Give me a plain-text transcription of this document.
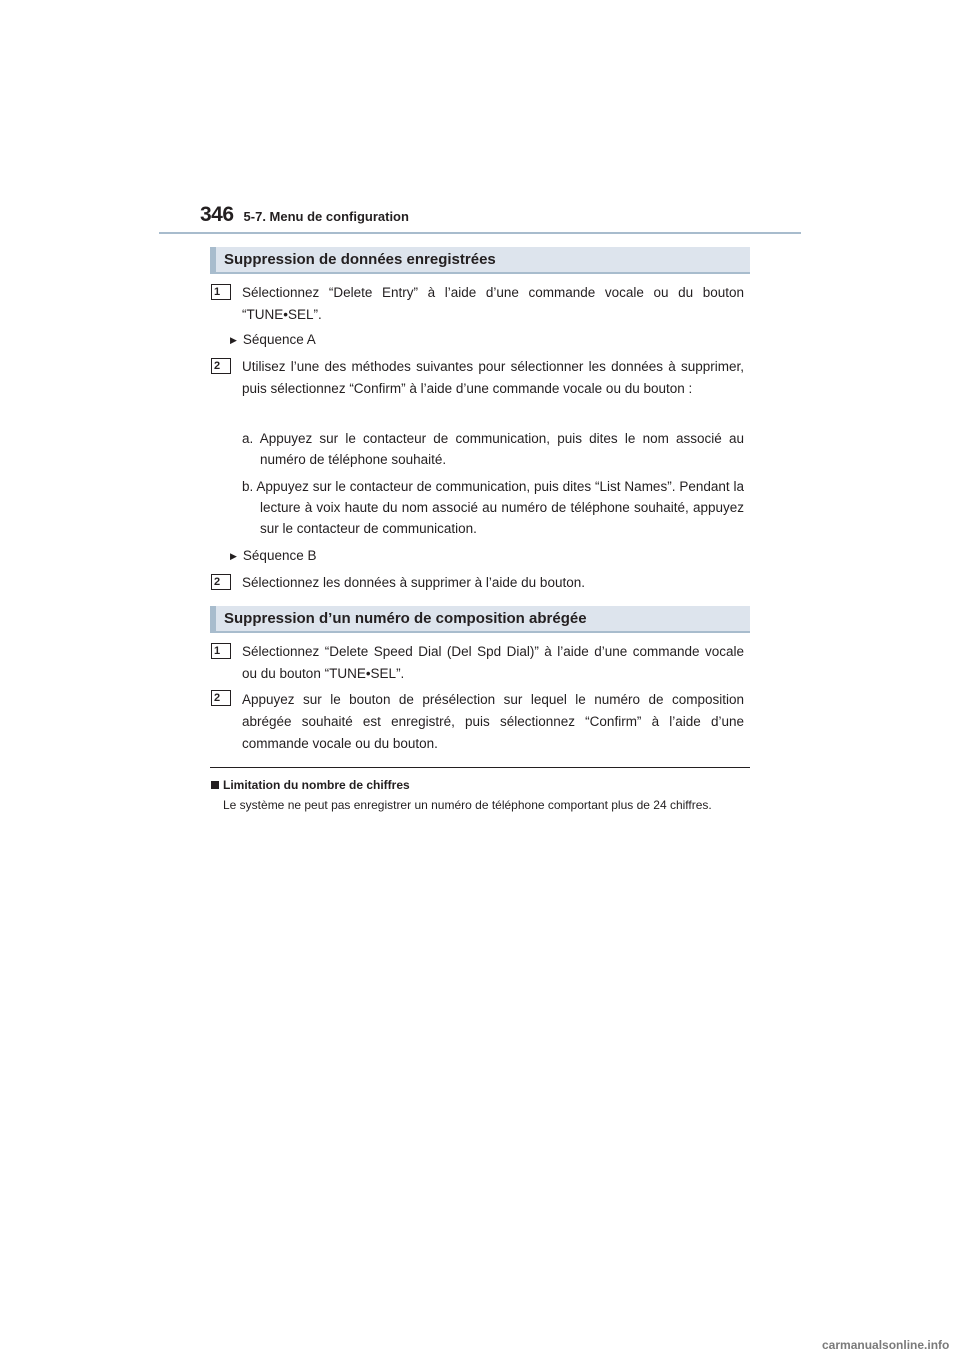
346 5-7. Menu de configuration
Suppression de données enregistrées
1	Sélectionnez “Delete Entry” à l’aide d’une commande vocale ou du bouton “TUNE•SEL”.
▶ Séquence A
2	Utilisez l’une des méthodes suivantes pour sélectionner les données à supprimer, puis sélectionnez “Confirm” à l’aide d’une commande vocale ou du bouton :
a. Appuyez sur le contacteur de communication, puis dites le nom associé au numéro de téléphone souhaité.
b. Appuyez sur le contacteur de communication, puis dites “List Names”. Pendant la lecture à voix haute du nom associé au numéro de téléphone souhaité, appuyez sur le contacteur de communication.
▶ Séquence B
2	Sélectionnez les données à supprimer à l’aide du bouton.
Suppression d’un numéro de composition abrégée
1	Sélectionnez “Delete Speed Dial (Del Spd Dial)” à l’aide d’une commande vocale ou du bouton “TUNE•SEL”.
2	Appuyez sur le bouton de présélection sur lequel le numéro de composition abrégée souhaité est enregistré, puis sélectionnez “Confirm” à l’aide d’une commande vocale ou du bouton.
Limitation du nombre de chiffres
Le système ne peut pas enregistrer un numéro de téléphone comportant plus de 24 chiffres.
carmanualsonline.info
